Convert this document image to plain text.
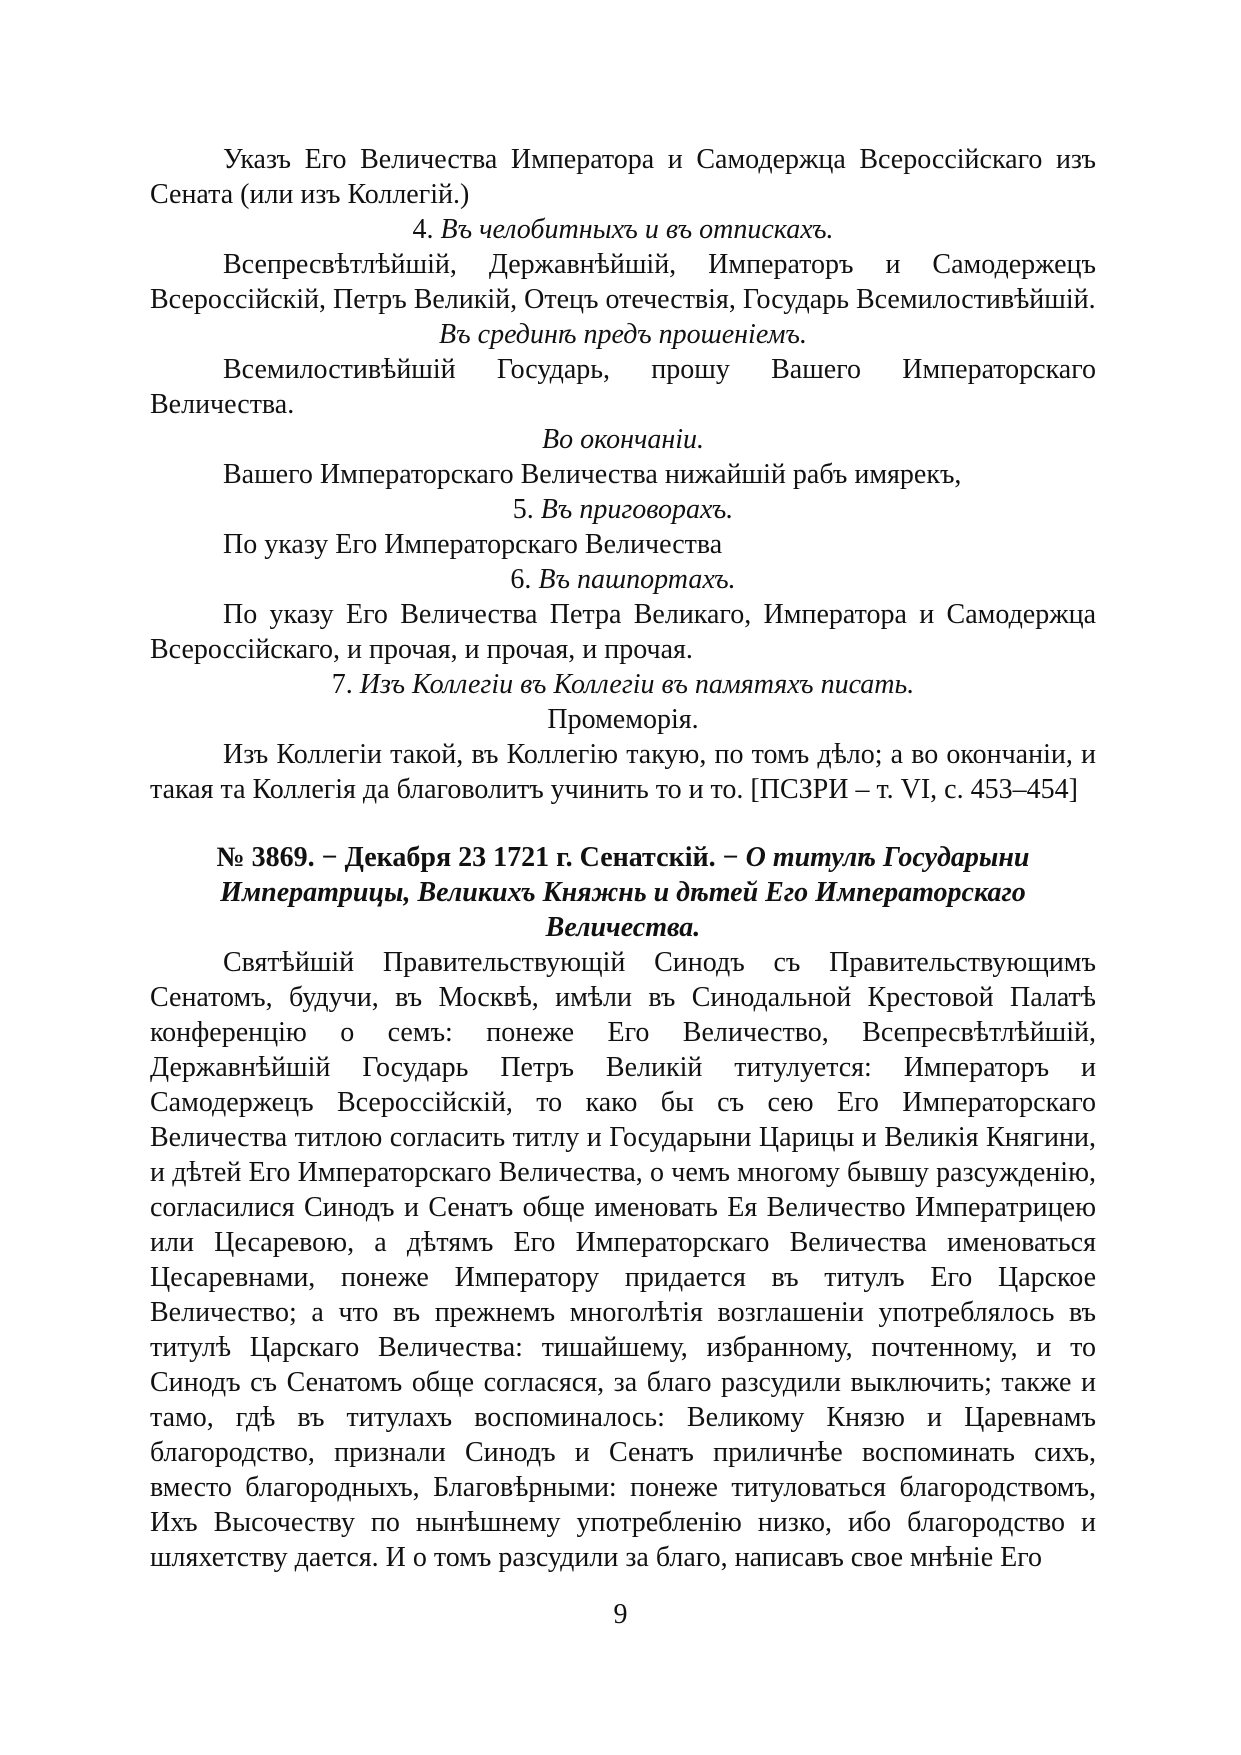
Указъ Его Величества Императора и Самодержца Всероссійскаго изъ Сената (или изъ Коллегій.)

4. Въ челобитныхъ и въ отпискахъ.

Всепресвѣтлѣйшій, Державнѣйшій, Императоръ и Самодержецъ Всероссійскій, Петръ Великій, Отецъ отечествія, Государь Всемилостивѣйшій.

Въ срединѣ предъ прошеніемъ.

Всемилостивѣйшій Государь, прошу Вашего Императорскаго Величества.

Во окончаніи.

Вашего Императорскаго Величества нижайшій рабъ имярекъ,

5. Въ приговорахъ.

По указу Его Императорскаго Величества

6. Въ пашпортахъ.

По указу Его Величества Петра Великаго, Императора и Самодержца Всероссійскаго, и прочая, и прочая, и прочая.

7. Изъ Коллегіи въ Коллегіи въ памятяхъ писать.

Промеморія.

Изъ Коллегіи такой, въ Коллегію такую, по томъ дѣло; а во окончаніи, и такая та Коллегія да благоволитъ учинить то и то. [ПСЗРИ – т. VI, с. 453–454]

№ 3869. − Декабря 23 1721 г. Сенатскій. − О титулѣ Государыни Императрицы, Великихъ Княжнь и дѣтей Его Императорскаго Величества.

Святѣйшій Правительствующій Синодъ съ Правительствующимъ Сенатомъ, будучи, въ Москвѣ, имѣли въ Синодальной Крестовой Палатѣ конференцію о семъ: понеже Его Величество, Всепресвѣтлѣйшій, Державнѣйшій Государь Петръ Великій титулуется: Императоръ и Самодержецъ Всероссійскій, то како бы съ сею Его Императорскаго Величества титлою согласить титлу и Государыни Царицы и Великія Княгини, и дѣтей Его Императорскаго Величества, о чемъ многому бывшу разсужденію, согласилися Синодъ и Сенатъ обще именовать Ея Величество Императрицею или Цесаревою, а дѣтямъ Его Императорскаго Величества именоваться Цесаревнами, понеже Императору придается въ титулъ Его Царское Величество; а что въ прежнемъ многолѣтія возглашеніи употреблялось въ титулѣ Царскаго Величества: тишайшему, избранному, почтенному, и то Синодъ съ Сенатомъ обще согласяся, за благо разсудили выключить; также и тамо, гдѣ въ титулахъ воспоминалось: Великому Князю и Царевнамъ благородство, признали Синодъ и Сенатъ приличнѣе воспоминать сихъ, вместо благородныхъ, Благовѣрными: понеже титуловаться благородствомъ, Ихъ Высочеству по нынѣшнему употребленію низко, ибо благородство и шляхетству дается. И о томъ разсудили за благо, написавъ свое мнѣніе Его

9
